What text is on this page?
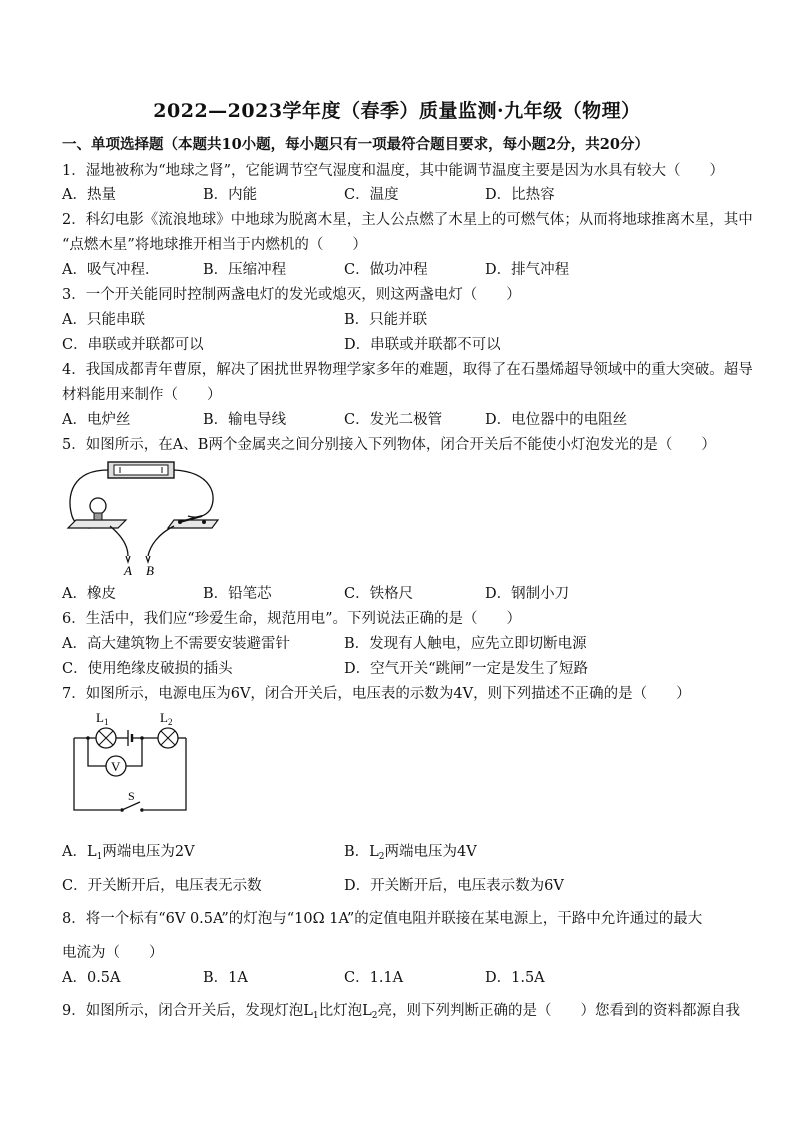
2022—2023学年度（春季）质量监测·九年级（物理）
一、单项选择题（本题共10小题，每小题只有一项最符合题目要求，每小题2分，共20分）
1．湿地被称为“地球之肾”，它能调节空气湿度和温度，其中能调节温度主要是因为水具有较大（　　）
A．热量	B．内能	C．温度	D．比热容
2．科幻电影《流浪地球》中地球为脱离木星，主人公点燃了木星上的可燃气体；从而将地球推离木星，其中
“点燃木星”将地球推开相当于内燃机的（　　）
A．吸气冲程．	B．压缩冲程	C．做功冲程	D．排气冲程
3．一个开关能同时控制两盏电灯的发光或熄灭，则这两盏电灯（　　）
A．只能串联	B．只能并联
C．串联或并联都可以	D．串联或并联都不可以
4．我国成都青年曹原，解决了困扰世界物理学家多年的难题，取得了在石墨烯超导领域中的重大突破。超导
材料能用来制作（　　）
A．电炉丝	B．输电导线	C．发光二极管	D．电位器中的电阻丝
5．如图所示，在A、B两个金属夹之间分别接入下列物体，闭合开关后不能使小灯泡发光的是（　　）
A B
A．橡皮	B．铅笔芯	C．铁格尺	D．钢制小刀
6．生活中，我们应“珍爱生命，规范用电”。下列说法正确的是（　　）
A．高大建筑物上不需要安装避雷针	B．发现有人触电，应先立即切断电源
C．使用绝缘皮破损的插头	D．空气开关“跳闸”一定是发生了短路
7．如图所示，电源电压为6V，闭合开关后，电压表的示数为4V，则下列描述不正确的是（　　）
V
$L_1$	$L_2$
S
A．$L_1$两端电压为2V	B．$L_2$两端电压为4V
C．开关断开后，电压表无示数	D．开关断开后，电压表示数为6V
8．将一个标有“6V 0.5A”的灯泡与“10Ω 1A”的定值电阻并联接在某电源上，干路中允许通过的最大
电流为（　　）
A．0.5A	B．1A	C．1.1A	D．1.5A
9．如图所示，闭合开关后，发现灯泡$L_1$比灯泡$L_2$亮，则下列判断正确的是（　　）您看到的资料都源自我
